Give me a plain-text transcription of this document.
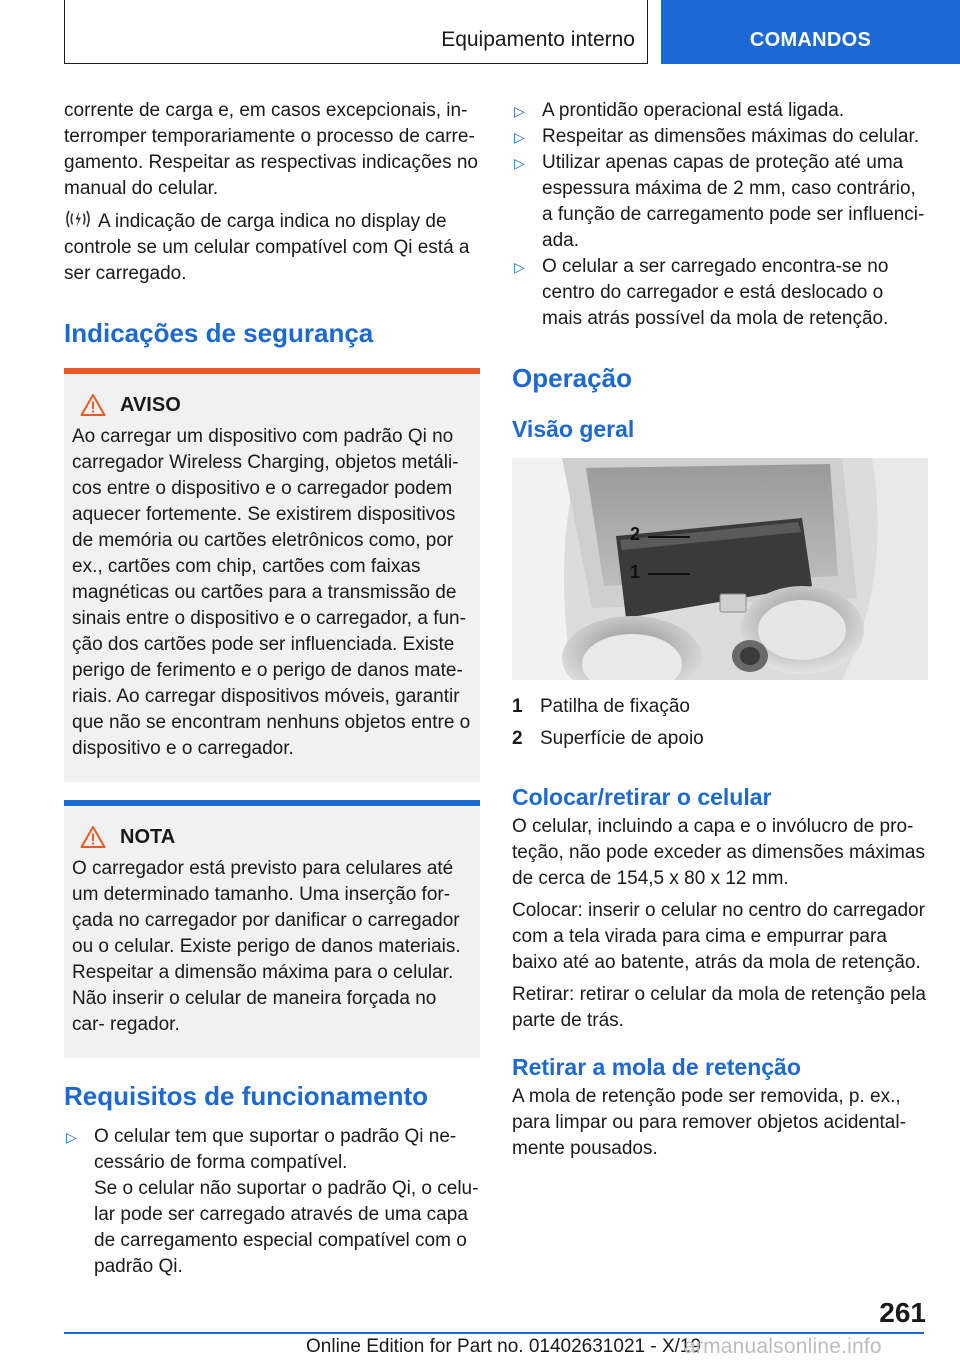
Equipamento interno	COMANDOS

corrente de carga e, em casos excepcionais, in- terromper temporariamente o processo de carre- gamento. Respeitar as respectivas indicações no manual do celular.

A indicação de carga indica no display de controle se um celular compatível com Qi está a ser carregado.

Indicações de segurança
AVISO

Ao carregar um dispositivo com padrão Qi no carregador Wireless Charging, objetos metáli- cos entre o dispositivo e o carregador podem aquecer fortemente. Se existirem dispositivos de memória ou cartões eletrônicos como, por ex., cartões com chip, cartões com faixas magnéticas ou cartões para a transmissão de sinais entre o dispositivo e o carregador, a fun- ção dos cartões pode ser influenciada. Existe perigo de ferimento e o perigo de danos mate- riais. Ao carregar dispositivos móveis, garantir que não se encontram nenhuns objetos entre o dispositivo e o carregador.

NOTA

O carregador está previsto para celulares até um determinado tamanho. Uma inserção for- çada no carregador por danificar o carregador ou o celular. Existe perigo de danos materiais. Respeitar a dimensão máxima para o celular. Não inserir o celular de maneira forçada no car- regador.

Requisitos de funcionamento
▷ O celular tem que suportar o padrão Qi ne- cessário de forma compatível.
Se o celular não suportar o padrão Qi, o celu- lar pode ser carregado através de uma capa de carregamento especial compatível com o padrão Qi.
▷ A prontidão operacional está ligada.
▷ Respeitar as dimensões máximas do celular.
▷ Utilizar apenas capas de proteção até uma espessura máxima de 2 mm, caso contrário, a função de carregamento pode ser influenci- ada.
▷ O celular a ser carregado encontra-se no centro do carregador e está deslocado o mais atrás possível da mola de retenção.
Operação
Visão geral
2
1
1 Patilha de fixação
2 Superfície de apoio
Colocar/retirar o celular

O celular, incluindo a capa e o invólucro de pro- teção, não pode exceder as dimensões máximas de cerca de 154,5 x 80 x 12 mm.

Colocar: inserir o celular no centro do carregador com a tela virada para cima e empurrar para baixo até ao batente, atrás da mola de retenção.

Retirar: retirar o celular da mola de retenção pela parte de trás.

Retirar a mola de retenção

A mola de retenção pode ser removida, p. ex., para limpar ou para remover objetos acidental- mente pousados.

261
Online Edition for Part no. 01402631021 - X/19
armanualsonline.info
